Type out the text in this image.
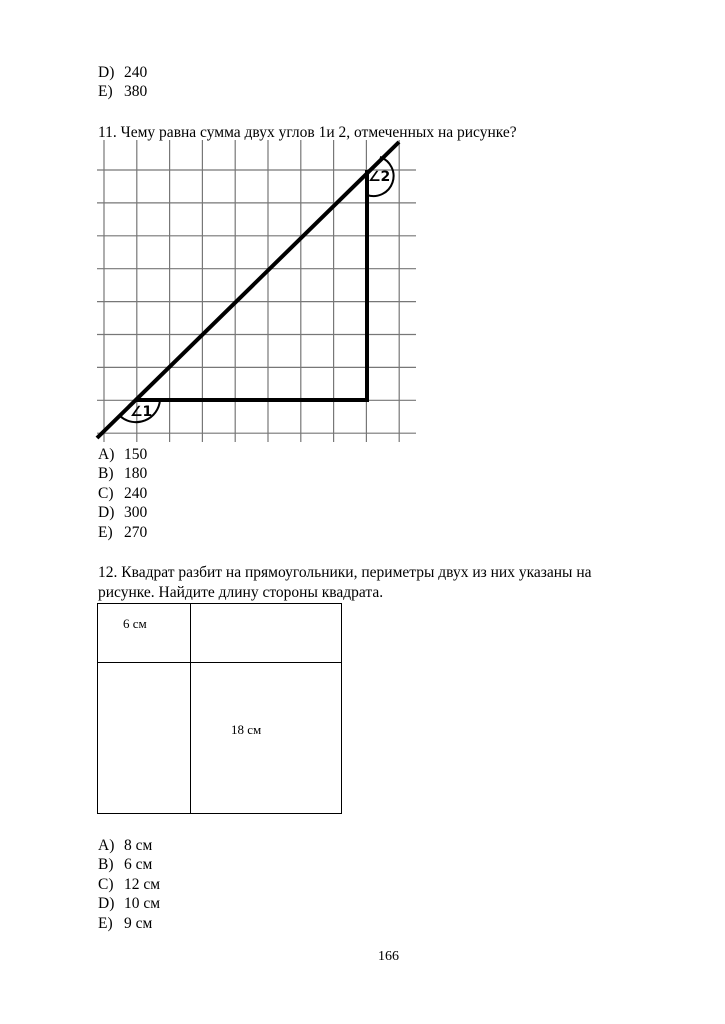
D) 240
E) 380
11. Чему равна сумма двух углов 1и 2, отмеченных на рисунке?
∠1
∠2
A) 150
B) 180
C) 240
D) 300
E) 270
12. Квадрат разбит на прямоугольники, периметры двух из них указаны на
рисунке. Найдите длину стороны квадрата.
6 см
18 см
A) 8 см
B) 6 см
C) 12 см
D) 10 см
E) 9 см
166
